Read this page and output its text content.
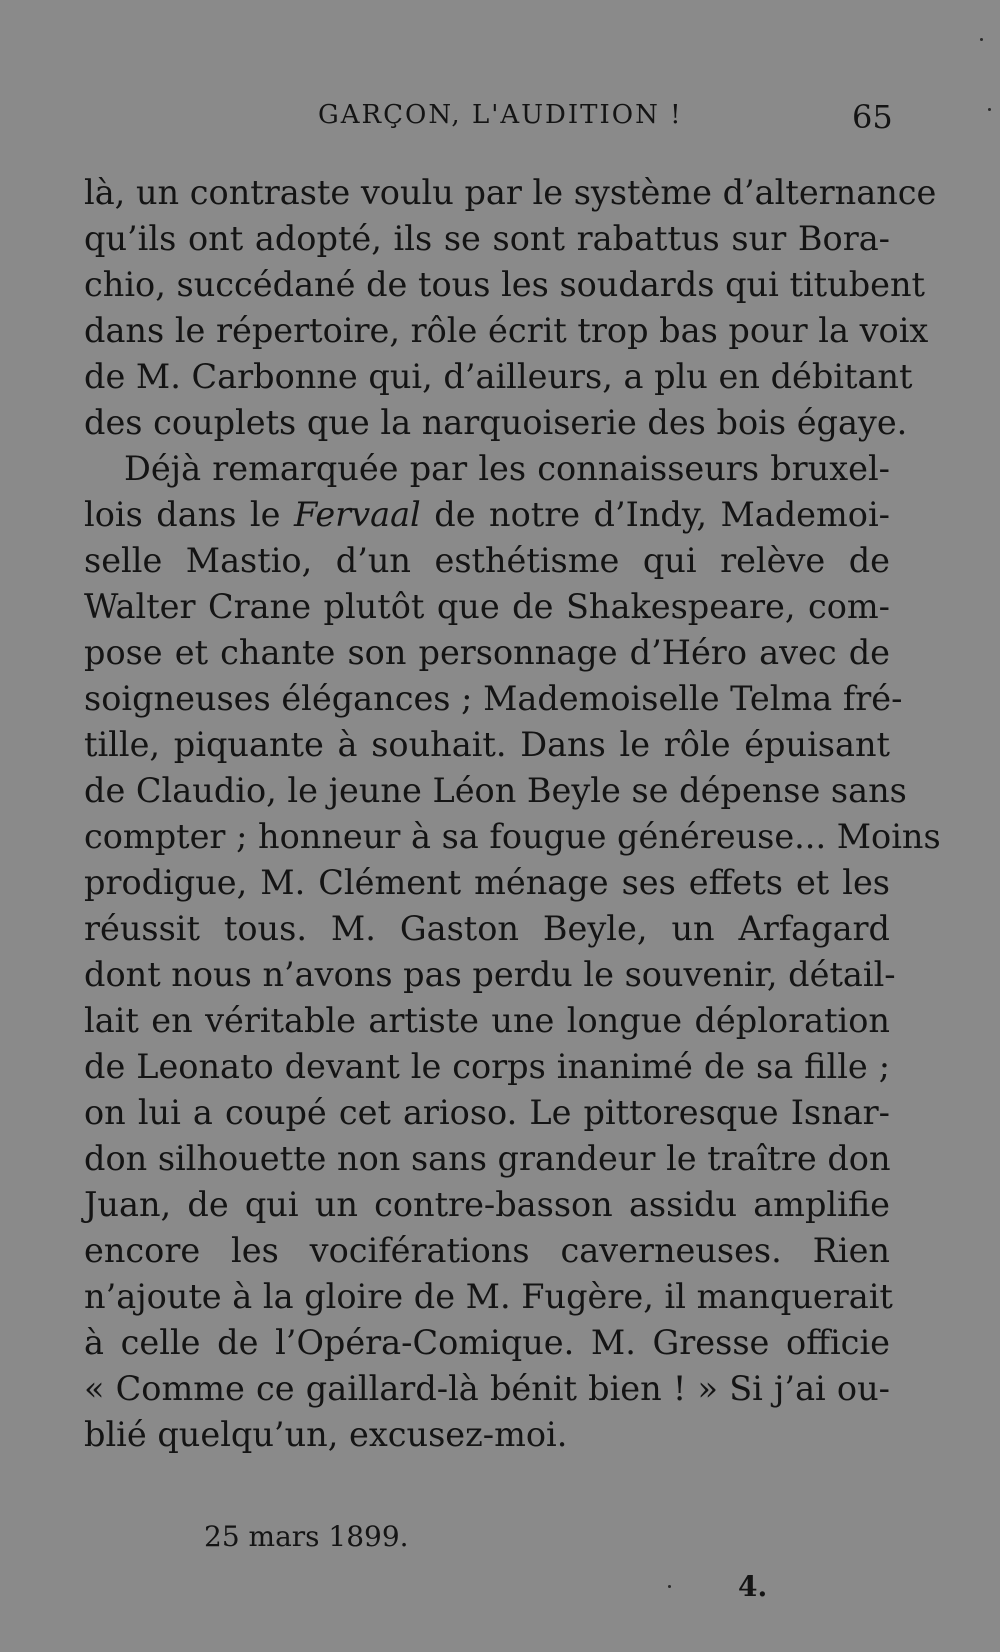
GARÇON, L'AUDITION !	65
là, un contraste voulu par le système d’alternance
qu’ils ont adopté, ils se sont rabattus sur Bora-
chio, succédané de tous les soudards qui titubent
dans le répertoire, rôle écrit trop bas pour la voix
de M. Carbonne qui, d’ailleurs, a plu en débitant
des couplets que la narquoiserie des bois égaye.
Déjà remarquée par les connaisseurs bruxel-
lois dans le Fervaal de notre d’Indy, Mademoi-
selle Mastio, d’un esthétisme qui relève de
Walter Crane plutôt que de Shakespeare, com-
pose et chante son personnage d’Héro avec de
soigneuses élégances ; Mademoiselle Telma fré-
tille, piquante à souhait. Dans le rôle épuisant
de Claudio, le jeune Léon Beyle se dépense sans
compter ; honneur à sa fougue généreuse... Moins
prodigue, M. Clément ménage ses effets et les
réussit tous. M. Gaston Beyle, un Arfagard
dont nous n’avons pas perdu le souvenir, détail-
lait en véritable artiste une longue déploration
de Leonato devant le corps inanimé de sa fille ;
on lui a coupé cet arioso. Le pittoresque Isnar-
don silhouette non sans grandeur le traître don
Juan, de qui un contre-basson assidu amplifie
encore les vociférations caverneuses. Rien
n’ajoute à la gloire de M. Fugère, il manquerait
à celle de l’Opéra-Comique. M. Gresse officie
« Comme ce gaillard-là bénit bien ! » Si j’ai ou-
blié quelqu’un, excusez-moi.
25 mars 1899.
4.
